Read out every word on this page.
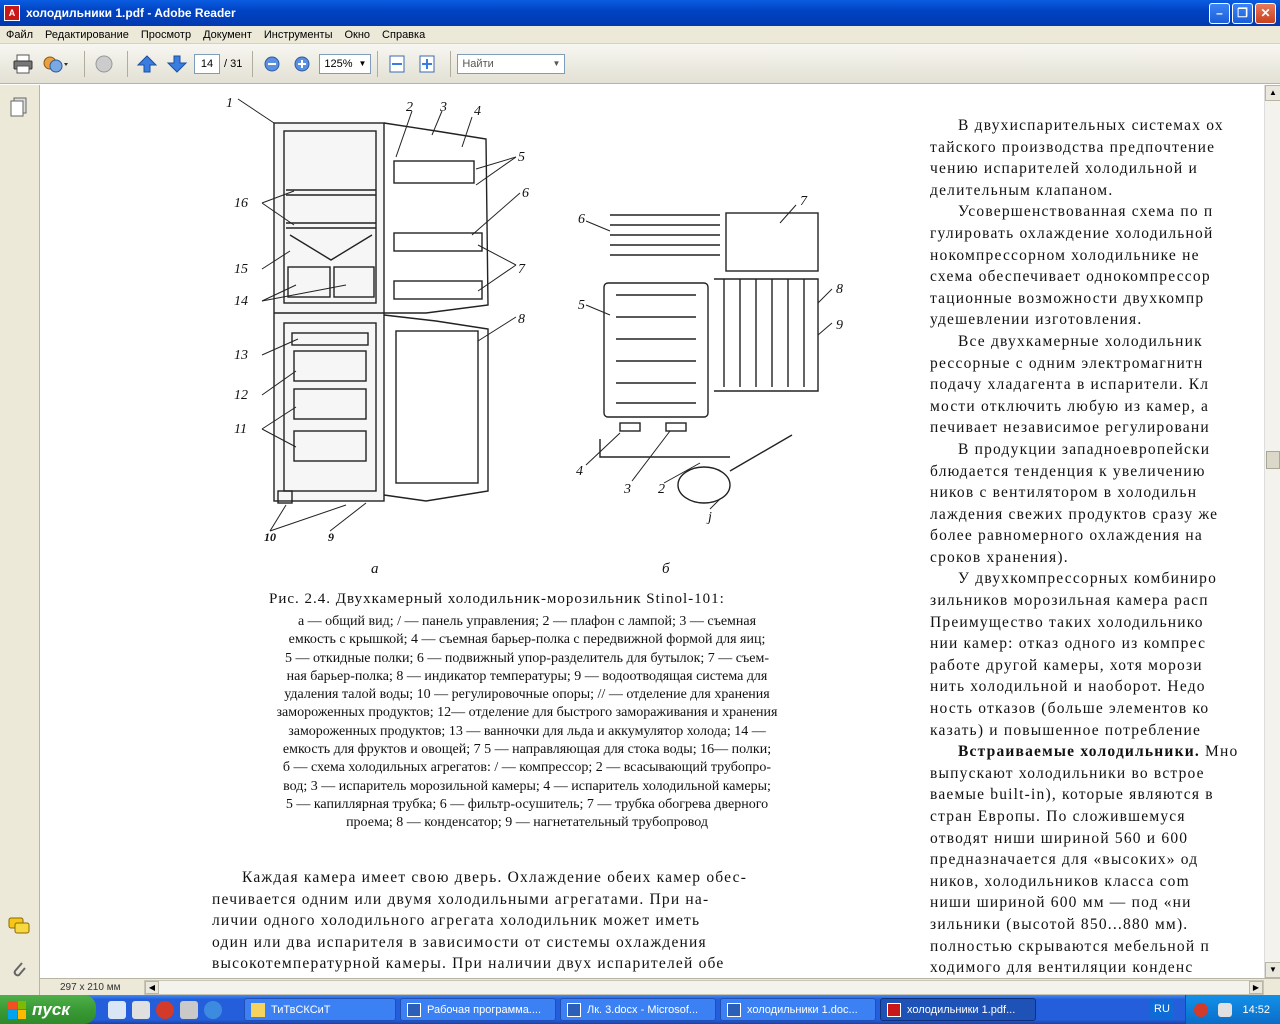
A холодильники 1.pdf - Adobe Reader	–	❐	✕
Файл	Редактирование	Просмотр	Документ	Инструменты	Окно	Справка
14 / 31	125% ▼	Найти	▼
1	2 3 4
5
6
7
8
16
15
14
13
12
11
10	9
7
6
5
8
9
4
3 2
j
а	б
Рис. 2.4. Двухкамерный холодильник-морозильник Stinol-101:
а — общий вид; / — панель управления; 2 — плафон с лампой; 3 — съемная
емкость с крышкой; 4 — съемная барьер-полка с передвижной формой для яиц;
5 — откидные полки; 6 — подвижный упор-разделитель для бутылок; 7 — съем-
ная барьер-полка; 8 — индикатор температуры; 9 — водоотводящая система для
удаления талой воды; 10 — регулировочные опоры; // — отделение для хранения
замороженных продуктов; 12— отделение для быстрого замораживания и хранения
замороженных продуктов; 13 — ванночки для льда и аккумулятор холода; 14 —
емкость для фруктов и овощей; 7 5 — направляющая для стока воды; 16— полки;
б — схема холодильных агрегатов: / — компрессор; 2 — всасывающий трубопро-
вод; 3 — испаритель морозильной камеры; 4 — испаритель холодильной камеры;
5 — капиллярная трубка; 6 — фильтр-осушитель; 7 — трубка обогрева дверного
проема; 8 — конденсатор; 9 — нагнетательный трубопровод

Каждая камера имеет свою дверь. Охлаждение обеих камер обес-

печивается одним или двумя холодильными агрегатами. При на-

личии одного холодильного агрегата холодильник может иметь

один или два испарителя в зависимости от системы охлаждения

высокотемпературной камеры. При наличии двух испарителей обе

В двухиспарительных системах ох

тайского производства предпочтение

чению испарителей холодильной и

делительным клапаном.

Усовершенствованная схема по п

гулировать охлаждение холодильной

нокомпрессорном холодильнике не

схема обеспечивает однокомпрессор

тационные возможности двухкомпр

удешевлении изготовления.

Все двухкамерные холодильник

рессорные с одним электромагнитн

подачу хладагента в испарители. Кл

мости отключить любую из камер, а

печивает независимое регулировани

В продукции западноевропейски

блюдается тенденция к увеличению

ников с вентилятором в холодильн

лаждения свежих продуктов сразу же

более равномерного охлаждения на

сроков хранения).

У двухкомпрессорных комбиниро

зильников морозильная камера расп

Преимущество таких холодильнико

нии камер: отказ одного из компрес

работе другой камеры, хотя морози

нить холодильной и наоборот. Недо

ность отказов (больше элементов ко

казать) и повышенное потребление

Встраиваемые холодильники. Мно

выпускают холодильники во встрое

ваемые built-in), которые являются в

стран Европы. По сложившемуся

отводят ниши шириной 560 и 600

предназначается для «высоких» од

ников, холодильников класса com

ниши шириной 600 мм — под «ни

зильники (высотой 850...880 мм).

полностью скрываются мебельной п

ходимого для вентиляции конденс

▲
▼
297 x 210 мм	◀	▶
пуск	ТиТвСКСиТ	Рабочая программа....	Лк. 3.docx - Microsof...	холодильники 1.doc...	холодильники 1.pdf...	RU	14:52
